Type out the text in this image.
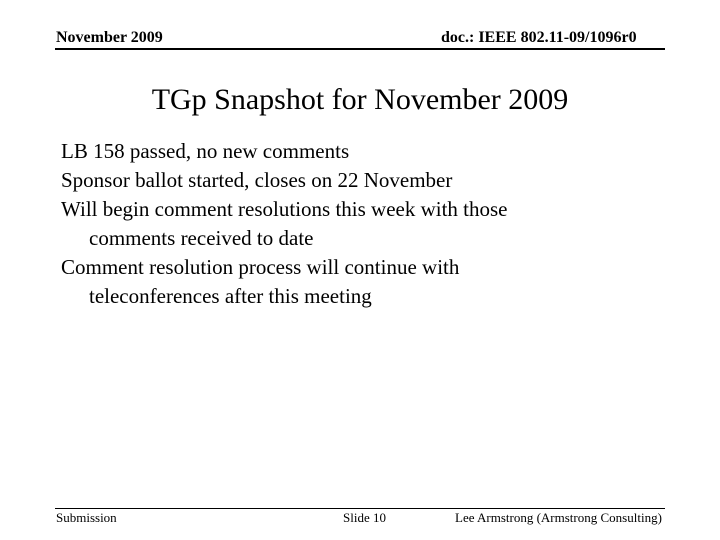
November 2009	doc.: IEEE 802.11-09/1096r0
TGp Snapshot for November 2009
LB 158 passed, no new comments
Sponsor ballot started, closes on 22 November
Will begin comment resolutions this week with those
comments received to date
Comment resolution process will continue with
teleconferences after this meeting
Submission	Slide 10	Lee Armstrong (Armstrong Consulting)
